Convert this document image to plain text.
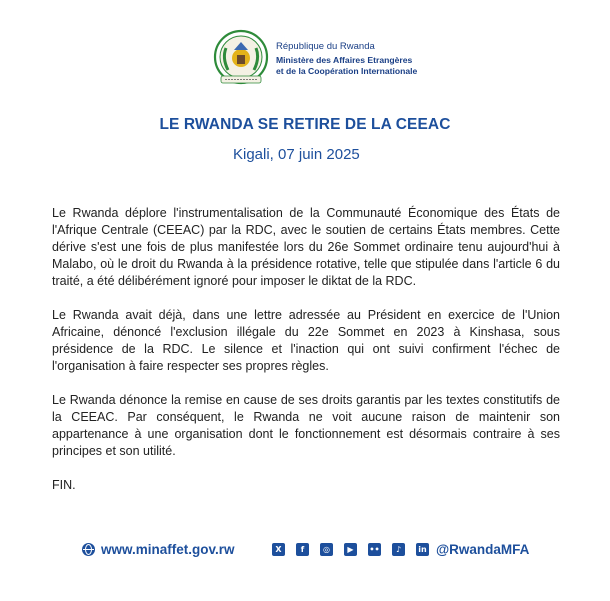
République du Rwanda
Ministère des Affaires Etrangères
et de la Coopération Internationale
LE RWANDA SE RETIRE DE LA CEEAC
Kigali, 07 juin 2025

Le Rwanda déplore l'instrumentalisation de la Communauté Économique des États de l'Afrique Centrale (CEEAC) par la RDC, avec le soutien de certains États membres. Cette dérive s'est une fois de plus manifestée lors du 26e Sommet ordinaire tenu aujourd'hui à Malabo, où le droit du Rwanda à la présidence rotative, telle que stipulée dans l'article 6 du traité, a été délibérément ignoré pour imposer le diktat de la RDC.

Le Rwanda avait déjà, dans une lettre adressée au Président en exercice de l'Union Africaine, dénoncé l'exclusion illégale du 22e Sommet en 2023 à Kinshasa, sous présidence de la RDC. Le silence et l'inaction qui ont suivi confirment l'échec de l'organisation à faire respecter ses propres règles.

Le Rwanda dénonce la remise en cause de ses droits garantis par les textes constitutifs de la CEEAC. Par conséquent, le Rwanda ne voit aucune raison de maintenir son appartenance à une organisation dont le fonctionnement est désormais contraire à ses principes et son utilité.

FIN.

www.minaffet.gov.rw	X	f	◎	▶	••	♪	in @RwandaMFA
